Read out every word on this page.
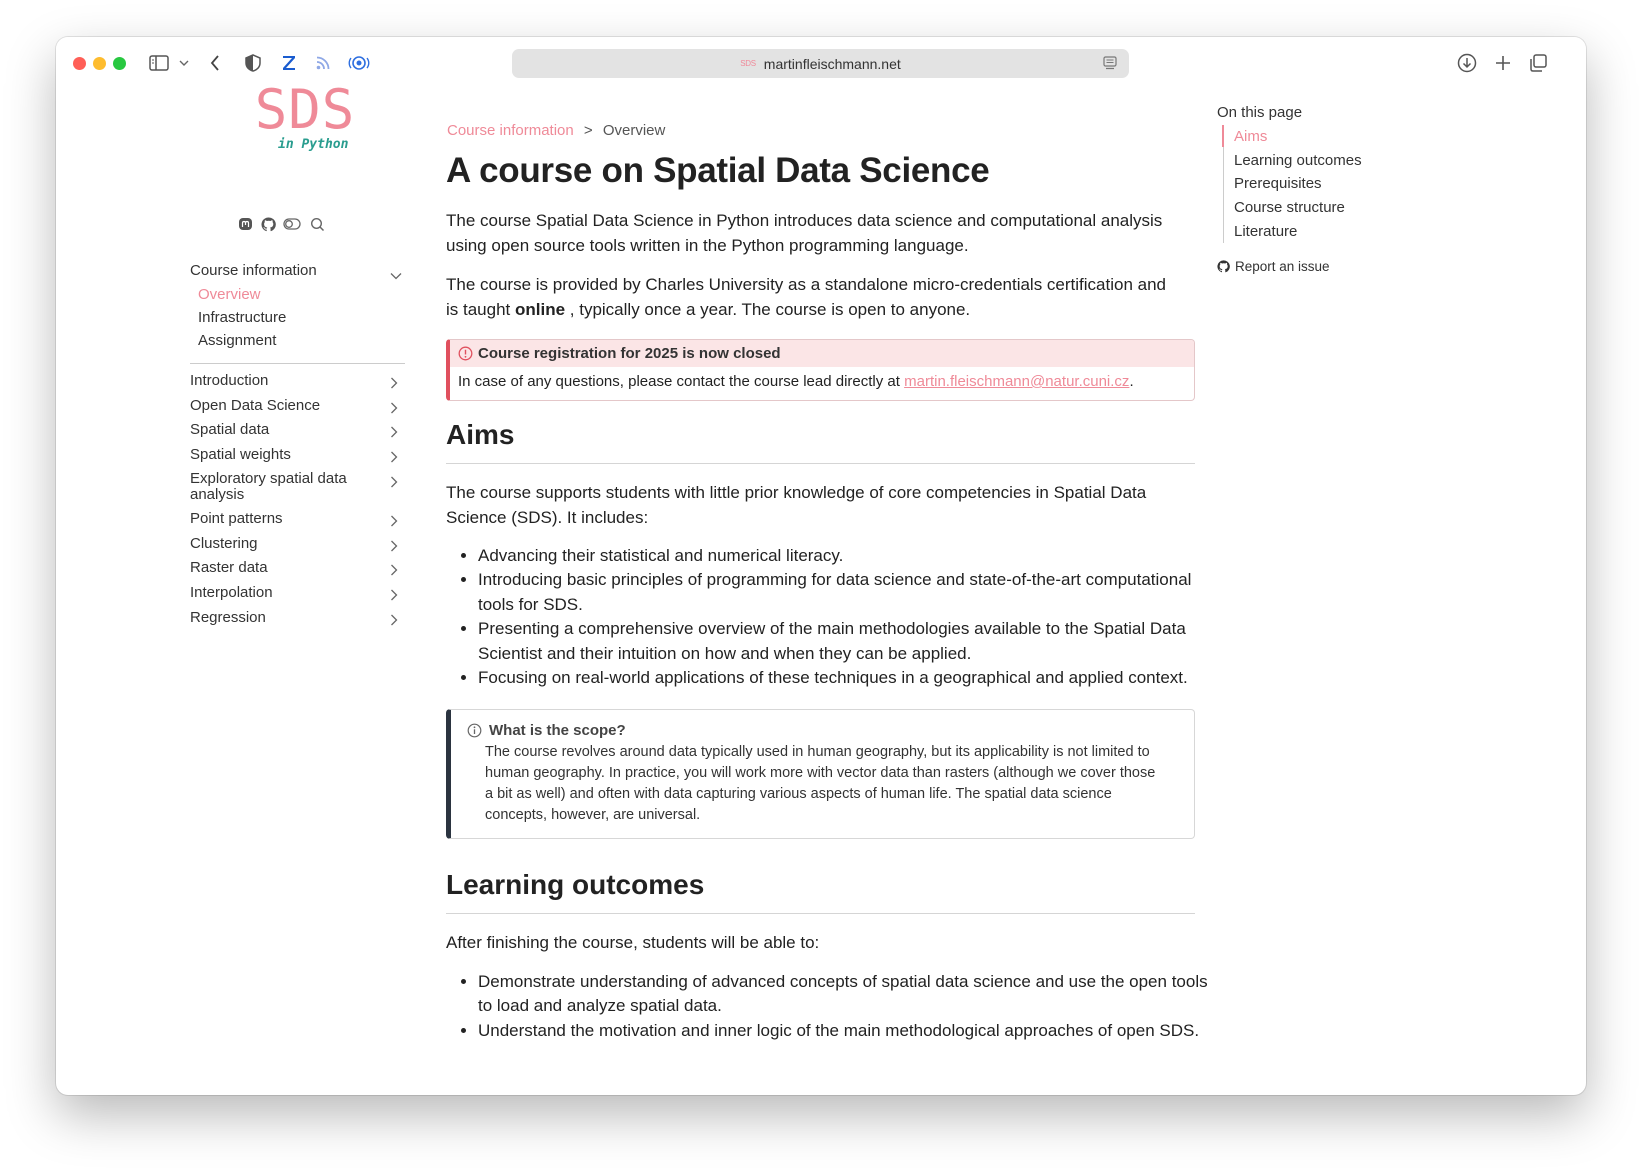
SDS martinfleischmann.net
SDS
in Python
Course information
Overview
Infrastructure
Assignment
Introduction
Open Data Science
Spatial data
Spatial weights
Exploratory spatial data analysis
Point patterns
Clustering
Raster data
Interpolation
Regression
Course information > Overview
A course on Spatial Data Science
The course Spatial Data Science in Python introduces data science and computational analysis using open source tools written in the Python programming language.
The course is provided by Charles University as a standalone micro-credentials certification and is taught online , typically once a year. The course is open to anyone.
Course registration for 2025 is now closed
In case of any questions, please contact the course lead directly at martin.fleischmann@natur.cuni.cz.
Aims
The course supports students with little prior knowledge of core competencies in Spatial Data Science (SDS). It includes:
• Advancing their statistical and numerical literacy.
• Introducing basic principles of programming for data science and state-of-the-art computational tools for SDS.
• Presenting a comprehensive overview of the main methodologies available to the Spatial Data Scientist and their intuition on how and when they can be applied.
• Focusing on real-world applications of these techniques in a geographical and applied context.
What is the scope?
The course revolves around data typically used in human geography, but its applicability is not limited to human geography. In practice, you will work more with vector data than rasters (although we cover those a bit as well) and often with data capturing various aspects of human life. The spatial data science concepts, however, are universal.
Learning outcomes
After finishing the course, students will be able to:
• Demonstrate understanding of advanced concepts of spatial data science and use the open tools to load and analyze spatial data.
• Understand the motivation and inner logic of the main methodological approaches of open SDS.
On this page
Aims
Learning outcomes
Prerequisites
Course structure
Literature
Report an issue
